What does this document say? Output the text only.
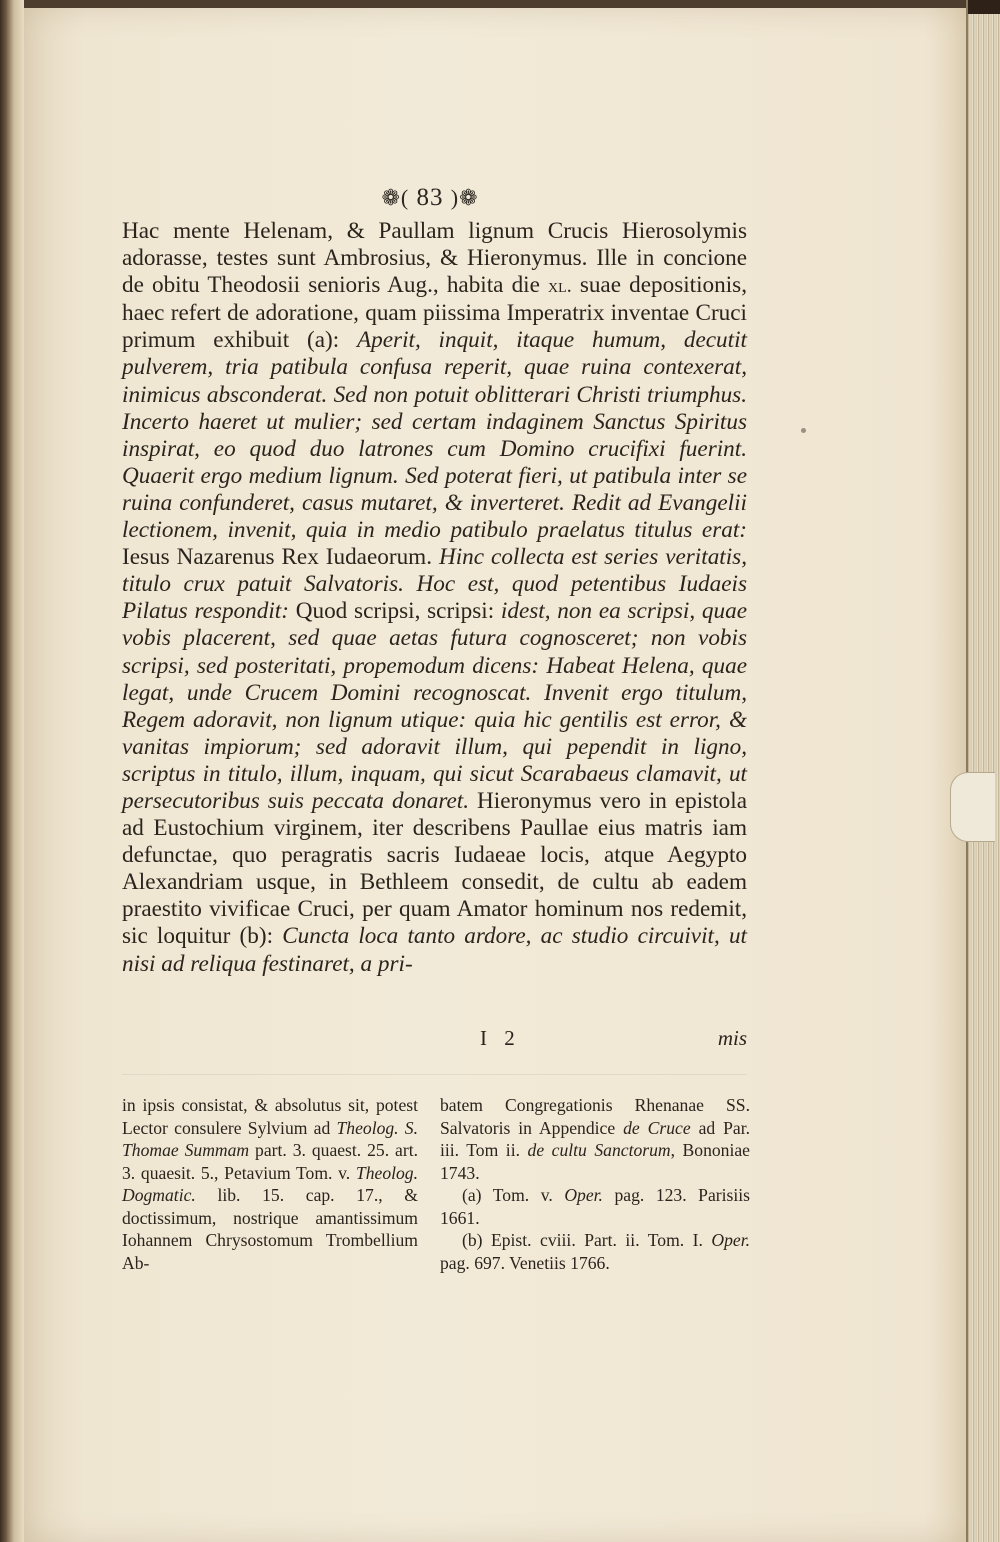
❁( 83 )❁

Hac mente Helenam, & Paullam lignum Crucis Hierosolymis adorasse, testes sunt Ambrosius, & Hieronymus. Ille in concione de obitu Theodosii senioris Aug., habita die xl. suae depositionis, haec refert de adoratione, quam piissima Imperatrix inventae Cruci primum exhibuit (a): Aperit, inquit, itaque humum, decutit pulverem, tria patibula confusa reperit, quae ruina contexerat, inimicus absconderat. Sed non potuit oblitterari Christi triumphus. Incerto haeret ut mulier; sed certam indaginem Sanctus Spiritus inspirat, eo quod duo latrones cum Domino crucifixi fuerint. Quaerit ergo medium lignum. Sed poterat fieri, ut patibula inter se ruina confunderet, casus mutaret, & inverteret. Redit ad Evangelii lectionem, invenit, quia in medio patibulo praelatus titulus erat: Iesus Nazarenus Rex Iudaeorum. Hinc collecta est series veritatis, titulo crux patuit Salvatoris. Hoc est, quod petentibus Iudaeis Pilatus respondit: Quod scripsi, scripsi: idest, non ea scripsi, quae vobis placerent, sed quae aetas futura cognosceret; non vobis scripsi, sed posteritati, propemodum dicens: Habeat Helena, quae legat, unde Crucem Domini recognoscat. Invenit ergo titulum, Regem adoravit, non lignum utique: quia hic gentilis est error, & vanitas impiorum; sed adoravit illum, qui pependit in ligno, scriptus in titulo, illum, inquam, qui sicut Scarabaeus clamavit, ut persecutoribus suis peccata donaret. Hieronymus vero in epistola ad Eustochium virginem, iter describens Paullae eius matris iam defunctae, quo peragratis sacris Iudaeae locis, atque Aegypto Alexandriam usque, in Bethleem consedit, de cultu ab eadem praestito vivificae Cruci, per quam Amator hominum nos redemit, sic loquitur (b): Cuncta loca tanto ardore, ac studio circuivit, ut nisi ad reliqua festinaret, a pri-

I 2	mis

in ipsis consistat, & absolutus sit, potest Lector consulere Sylvium ad Theolog. S. Thomae Summam part. 3. quaest. 25. art. 3. quaesit. 5., Petavium Tom. v. Theolog. Dogmatic. lib. 15. cap. 17., & doctissimum, nostrique amantissimum Iohannem Chrysostomum Trombellium Ab-

batem Congregationis Rhenanae SS. Salvatoris in Appendice de Cruce ad Par. iii. Tom ii. de cultu Sanctorum, Bononiae 1743.
(a) Tom. v. Oper. pag. 123. Parisiis 1661.
(b) Epist. cviii. Part. ii. Tom. I. Oper. pag. 697. Venetiis 1766.
